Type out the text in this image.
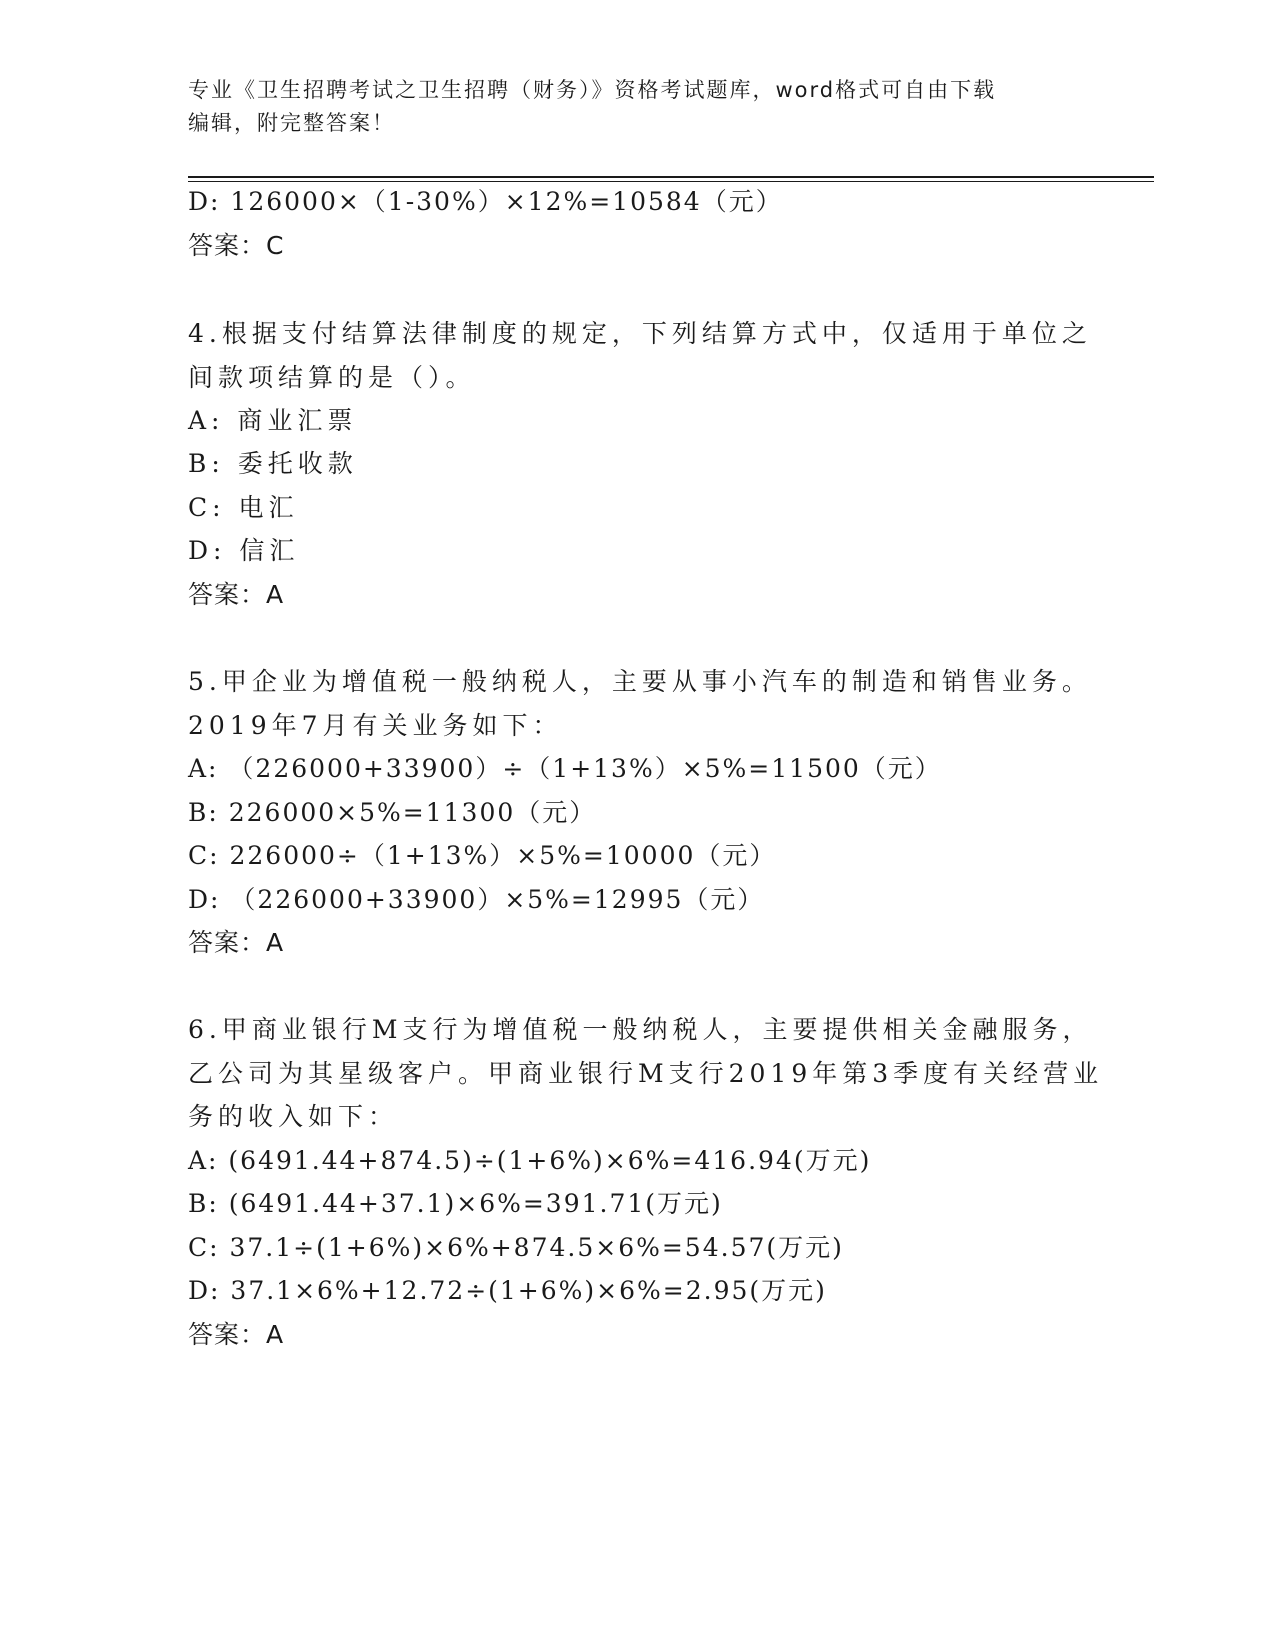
专业《卫生招聘考试之卫生招聘（财务）》资格考试题库，word格式可自由下载
编辑，附完整答案！
D: 126000×（1-30%）×12%=10584（元）
答案：C
4.根据支付结算法律制度的规定，下列结算方式中，仅适用于单位之
间款项结算的是（）。
A: 商业汇票
B: 委托收款
C: 电汇
D: 信汇
答案：A
5.甲企业为增值税一般纳税人，主要从事小汽车的制造和销售业务。
2019年7月有关业务如下：
A: （226000+33900）÷（1+13%）×5%=11500（元）
B: 226000×5%=11300（元）
C: 226000÷（1+13%）×5%=10000（元）
D: （226000+33900）×5%=12995（元）
答案：A
6.甲商业银行M支行为增值税一般纳税人，主要提供相关金融服务，
乙公司为其星级客户。甲商业银行M支行2019年第3季度有关经营业
务的收入如下：
A: (6491.44+874.5)÷(1+6%)×6%=416.94(万元)
B: (6491.44+37.1)×6%=391.71(万元)
C: 37.1÷(1+6%)×6%+874.5×6%=54.57(万元)
D: 37.1×6%+12.72÷(1+6%)×6%=2.95(万元)
答案：A
